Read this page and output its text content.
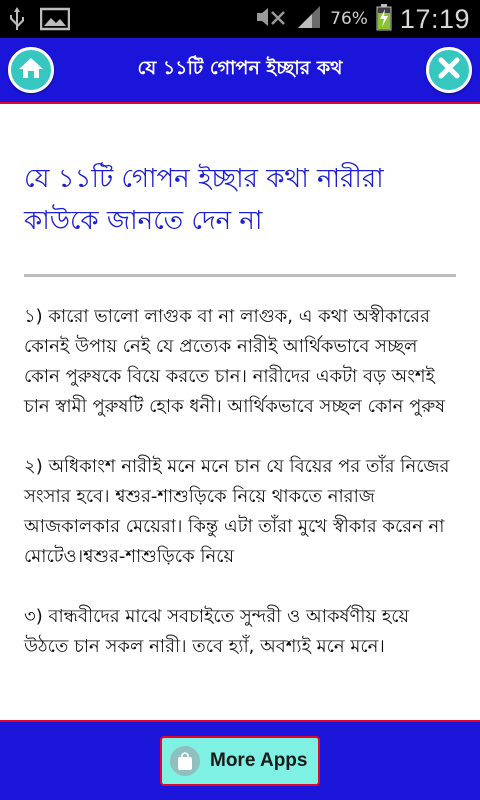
76% 17:19
যে ১১টি গোপন ইচ্ছার কথ
যে ১১টি গোপন ইচ্ছার কথা নারীরা কাউকে জানতে দেন না

১) কারো ভালো লাগুক বা না লাগুক, এ কথা অস্বীকারের কোনই উপায় নেই যে প্রত্যেক নারীই আর্থিকভাবে সচ্ছল কোন পুরুষকে বিয়ে করতে চান। নারীদের একটা বড় অংশই চান স্বামী পুরুষটি হোক ধনী। আর্থিকভাবে সচ্ছল কোন পুরুষ

২) অধিকাংশ নারীই মনে মনে চান যে বিয়ের পর তাঁর নিজের সংসার হবে। শ্বশুর-শাশুড়িকে নিয়ে থাকতে নারাজ আজকালকার মেয়েরা। কিন্তু এটা তাঁরা মুখে স্বীকার করেন না মোটেও।শ্বশুর-শাশুড়িকে নিয়ে

৩) বান্ধবীদের মাঝে সবচাইতে সুন্দরী ও আকর্ষণীয় হয়ে উঠতে চান সকল নারী। তবে হ্যাঁ, অবশ্যই মনে মনে।

More Apps
